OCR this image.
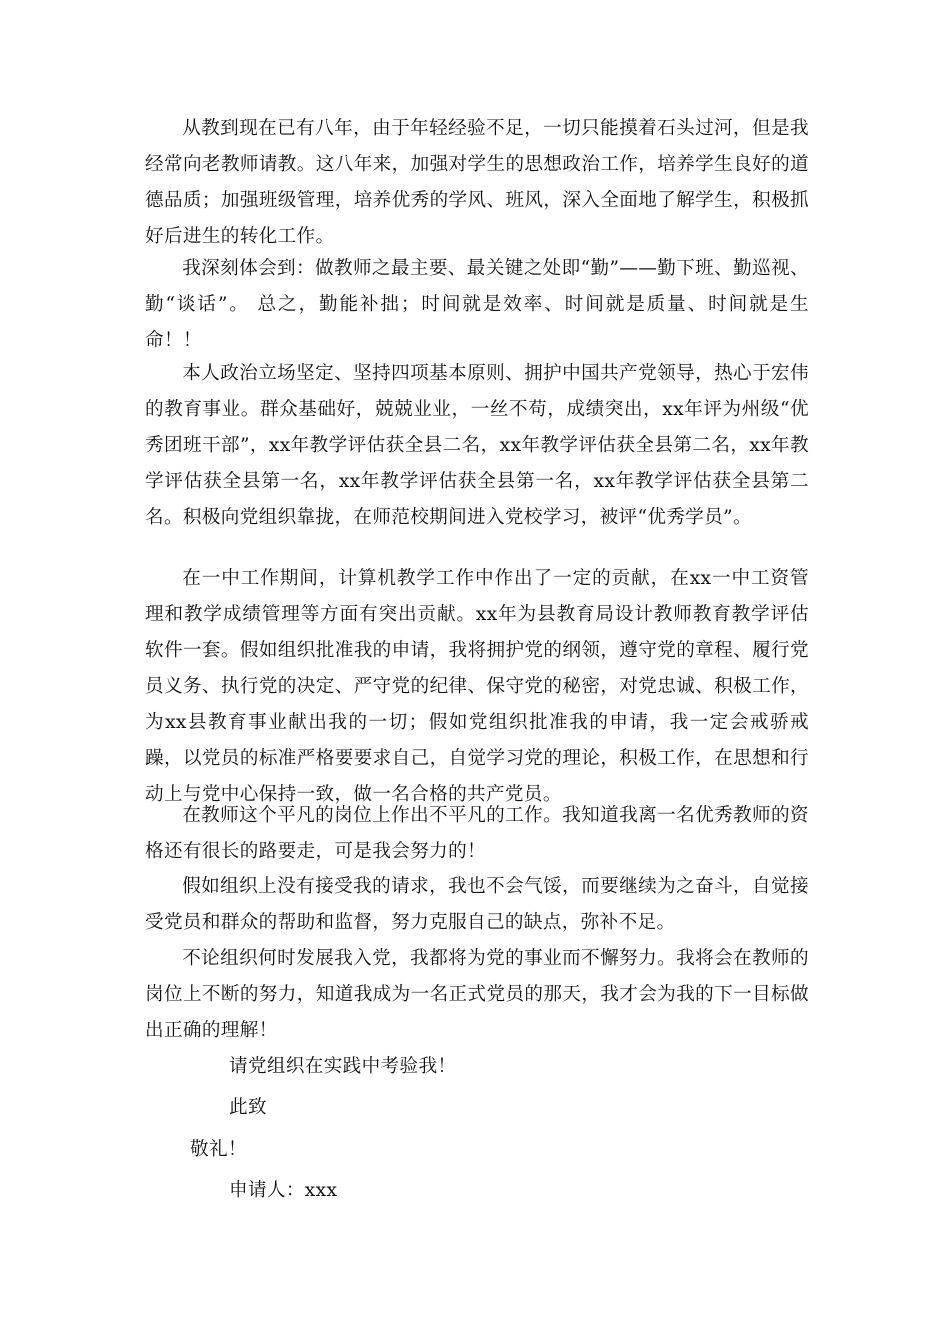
从教到现在已有八年，由于年轻经验不足，一切只能摸着石头过河，但是我经常向老教师请教。这八年来，加强对学生的思想政治工作，培养学生良好的道德品质；加强班级管理，培养优秀的学风、班风，深入全面地了解学生，积极抓好后进生的转化工作。

我深刻体会到：做教师之最主要、最关键之处即“勤”——勤下班、勤巡视、勤“谈话”。 总之，勤能补拙；时间就是效率、时间就是质量、时间就是生命！！

本人政治立场坚定、坚持四项基本原则、拥护中国共产党领导，热心于宏伟的教育事业。群众基础好，兢兢业业，一丝不苟，成绩突出，xx年评为州级“优秀团班干部”，xx年教学评估获全县二名，xx年教学评估获全县第二名，xx年教学评估获全县第一名，xx年教学评估获全县第一名，xx年教学评估获全县第二名。积极向党组织靠拢，在师范校期间进入党校学习，被评“优秀学员”。

在一中工作期间，计算机教学工作中作出了一定的贡献，在xx一中工资管理和教学成绩管理等方面有突出贡献。xx年为县教育局设计教师教育教学评估软件一套。假如组织批准我的申请，我将拥护党的纲领，遵守党的章程、履行党员义务、执行党的决定、严守党的纪律、保守党的秘密，对党忠诚、积极工作，为xx县教育事业献出我的一切；假如党组织批准我的申请，我一定会戒骄戒躁，以党员的标准严格要要求自己，自觉学习党的理论，积极工作，在思想和行动上与党中心保持一致，做一名合格的共产党员。

在教师这个平凡的岗位上作出不平凡的工作。我知道我离一名优秀教师的资格还有很长的路要走，可是我会努力的！

假如组织上没有接受我的请求，我也不会气馁，而要继续为之奋斗，自觉接受党员和群众的帮助和监督，努力克服自己的缺点，弥补不足。

不论组织何时发展我入党，我都将为党的事业而不懈努力。我将会在教师的岗位上不断的努力，知道我成为一名正式党员的那天，我才会为我的下一目标做出正确的理解！

请党组织在实践中考验我！

此致

敬礼！

申请人：xxx
